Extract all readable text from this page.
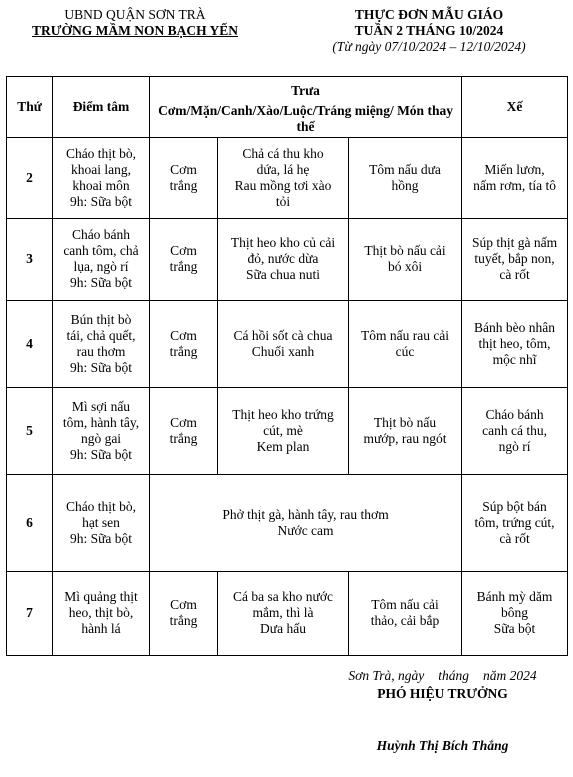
UBND QUẬN SƠN TRÀ
TRƯỜNG MẦM NON BẠCH YẾN
THỰC ĐƠN MẪU GIÁO
TUẦN 2 THÁNG 10/2024
(Từ ngày 07/10/2024 – 12/10/2024)
Thứ	Điểm tâm	Trưa			Xế
		Cơm/Mặn/Canh/Xào/Luộc/Tráng miệng/ Món thay thế			
2	Cháo thịt bò,
khoai lang,
khoai môn
9h: Sữa bột	Cơm
trắng	Chả cá thu kho
dứa, lá hẹ
Rau mồng tơi xào
tỏi	Tôm nấu dưa
hồng	Miến lươn,
nấm rơm, tía tô
3	Cháo bánh
canh tôm, chả
lụa, ngò rí
9h: Sữa bột	Cơm
trắng	Thịt heo kho củ cải
đỏ, nước dừa
Sữa chua nuti	Thịt bò nấu cải
bó xôi	Súp thịt gà nấm
tuyết, bắp non,
cà rốt
4	Bún thịt bò
tái, chả quết,
rau thơm
9h: Sữa bột	Cơm
trắng	Cá hồi sốt cà chua
Chuối xanh	Tôm nấu rau cải
cúc	Bánh bèo nhân
thịt heo, tôm,
mộc nhĩ
5	Mì sợi nấu
tôm, hành tây,
ngò gai
9h: Sữa bột	Cơm
trắng	Thịt heo kho trứng
cút, mè
Kem plan	Thịt bò nấu
mướp, rau ngót	Cháo bánh
canh cá thu,
ngò rí
6	Cháo thịt bò,
hạt sen
9h: Sữa bột	Phở thịt gà, hành tây, rau thơm
Nước cam			Súp bột bán
tôm, trứng cút,
cà rốt
7	Mì quảng thịt
heo, thịt bò,
hành lá	Cơm
trắng	Cá ba sa kho nước
mắm, thì là
Dưa hấu	Tôm nấu cải
thảo, cải bắp	Bánh mỳ dăm
bông
Sữa bột
Sơn Trà, ngày tháng năm 2024
PHÓ HIỆU TRƯỞNG
Huỳnh Thị Bích Thắng
